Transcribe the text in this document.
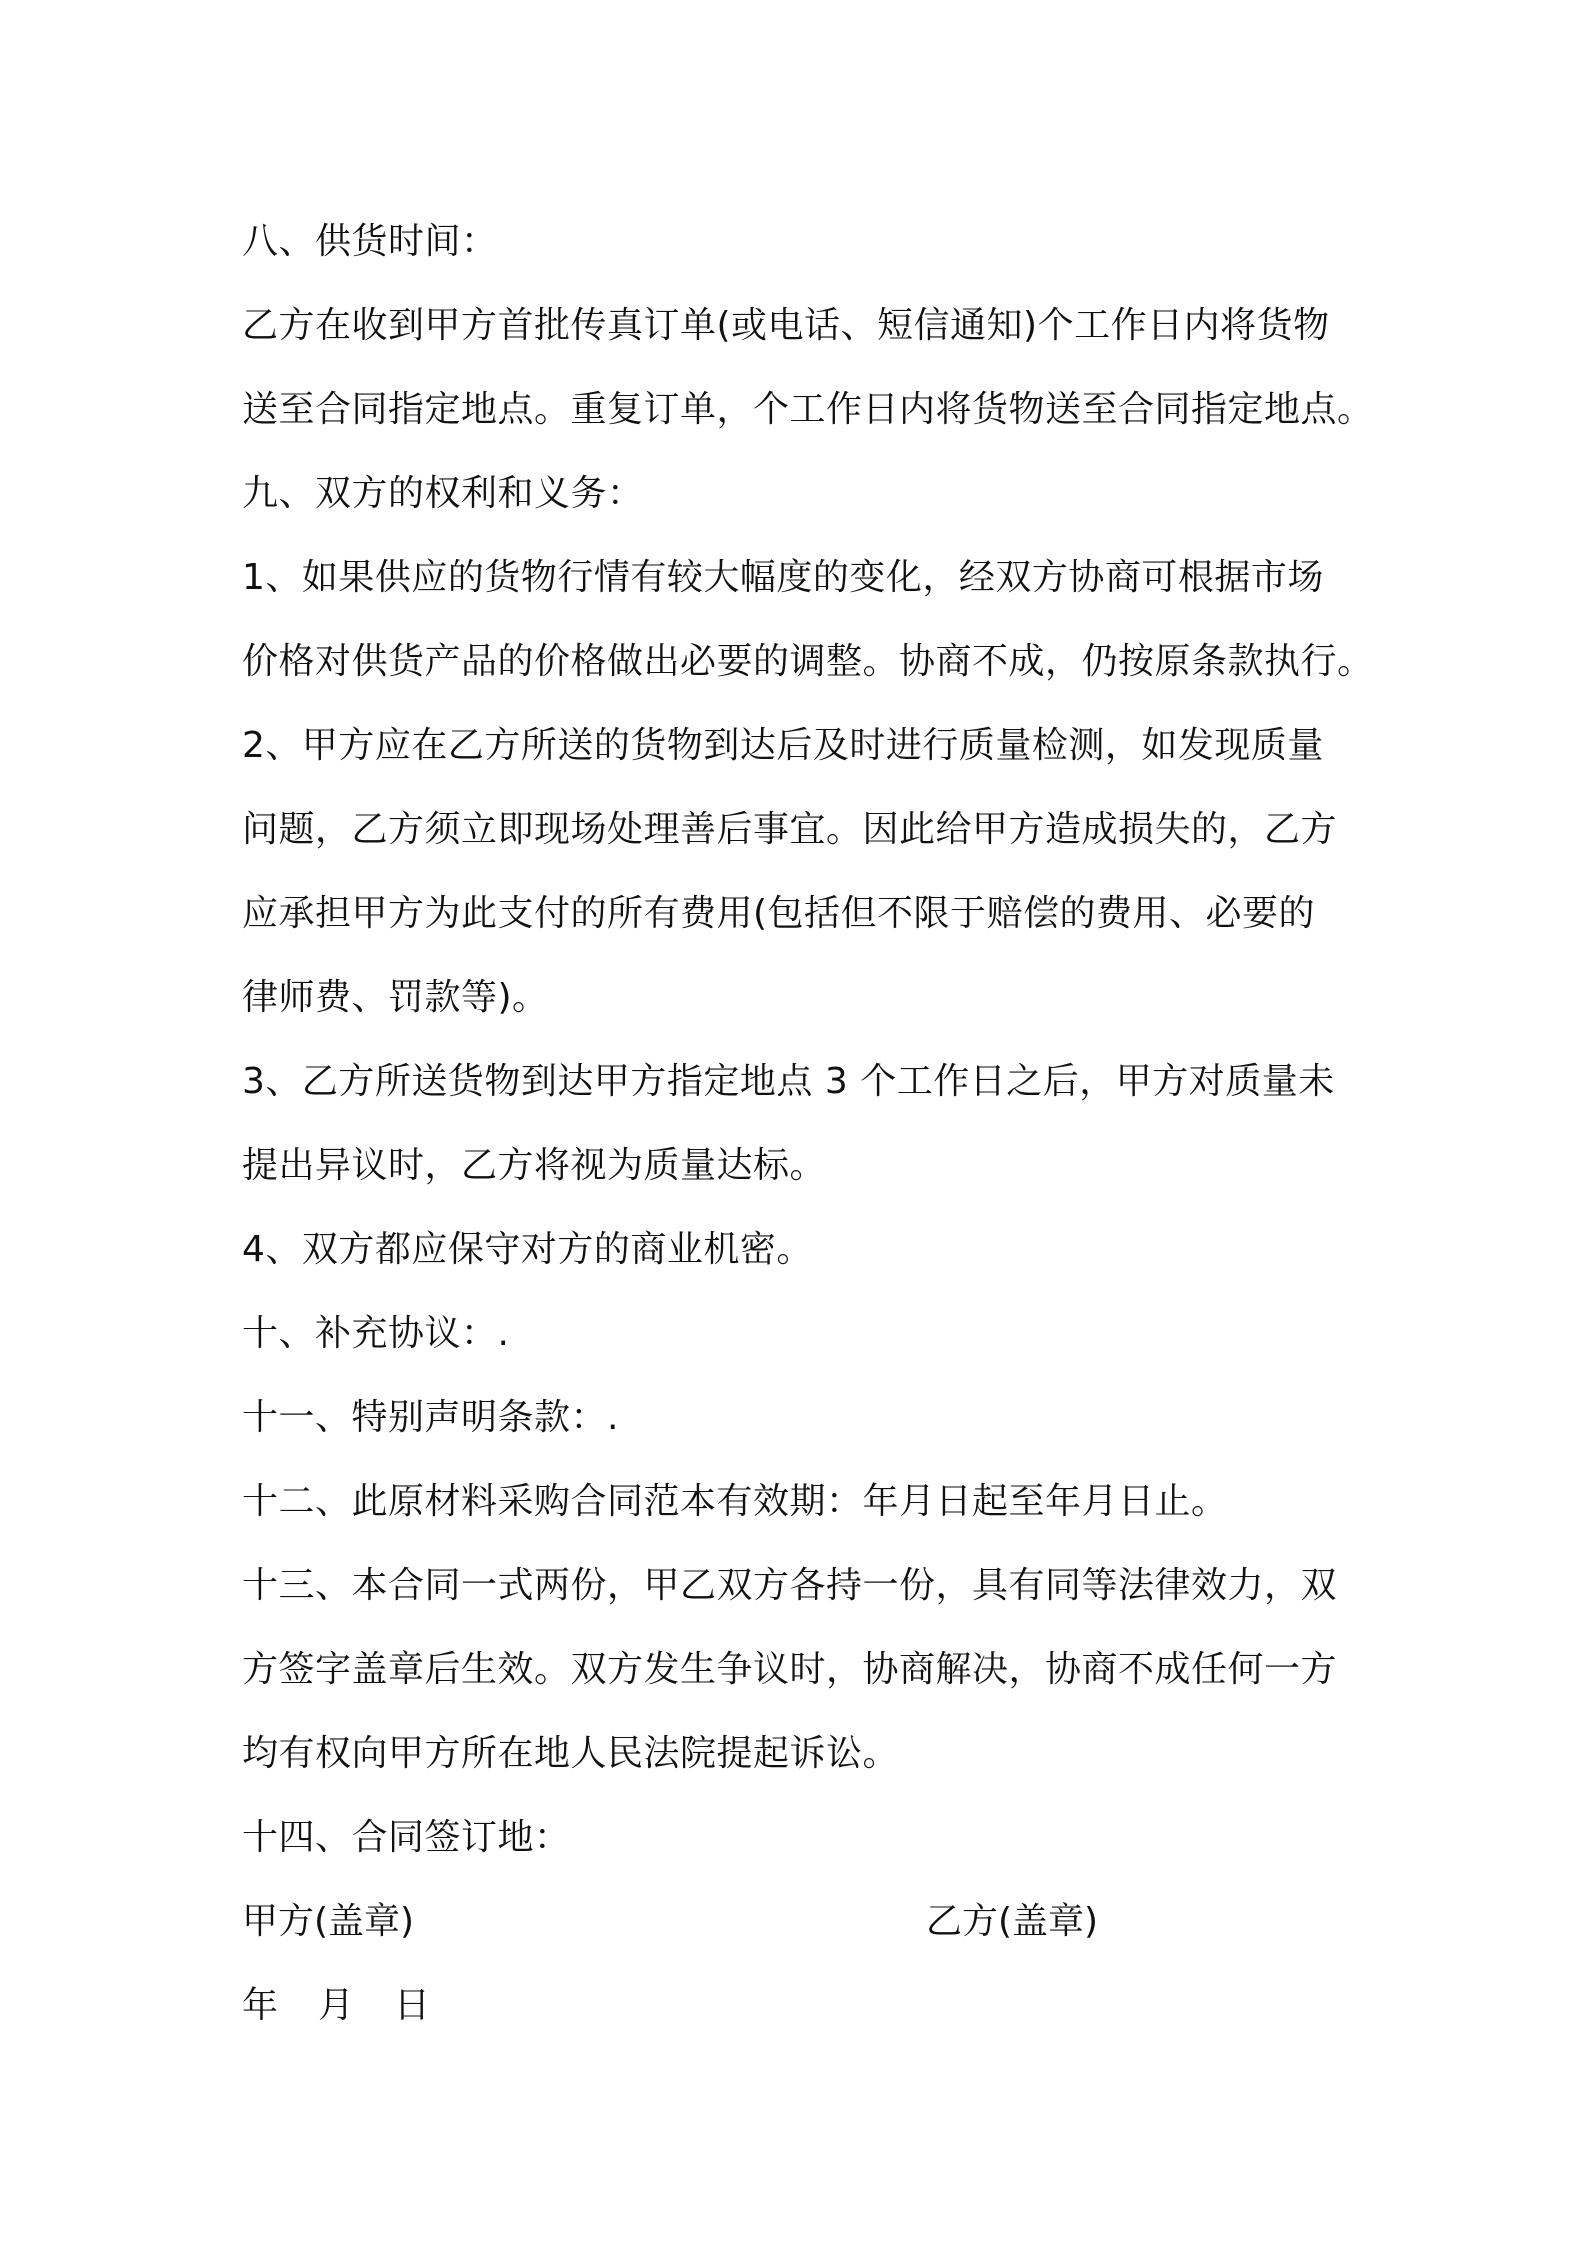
八、供货时间：
乙方在收到甲方首批传真订单(或电话、短信通知)个工作日内将货物
送至合同指定地点。重复订单，个工作日内将货物送至合同指定地点。
九、双方的权利和义务：
1、如果供应的货物行情有较大幅度的变化，经双方协商可根据市场
价格对供货产品的价格做出必要的调整。协商不成，仍按原条款执行。
2、甲方应在乙方所送的货物到达后及时进行质量检测，如发现质量
问题，乙方须立即现场处理善后事宜。因此给甲方造成损失的，乙方
应承担甲方为此支付的所有费用(包括但不限于赔偿的费用、必要的
律师费、罚款等)。
3、乙方所送货物到达甲方指定地点 3 个工作日之后，甲方对质量未
提出异议时，乙方将视为质量达标。
4、双方都应保守对方的商业机密。
十、补充协议：.
十一、特别声明条款：.
十二、此原材料采购合同范本有效期：年月日起至年月日止。
十三、本合同一式两份，甲乙双方各持一份，具有同等法律效力，双
方签字盖章后生效。双方发生争议时，协商解决，协商不成任何一方
均有权向甲方所在地人民法院提起诉讼。
十四、合同签订地：
甲方(盖章)	乙方(盖章)
年 月 日
